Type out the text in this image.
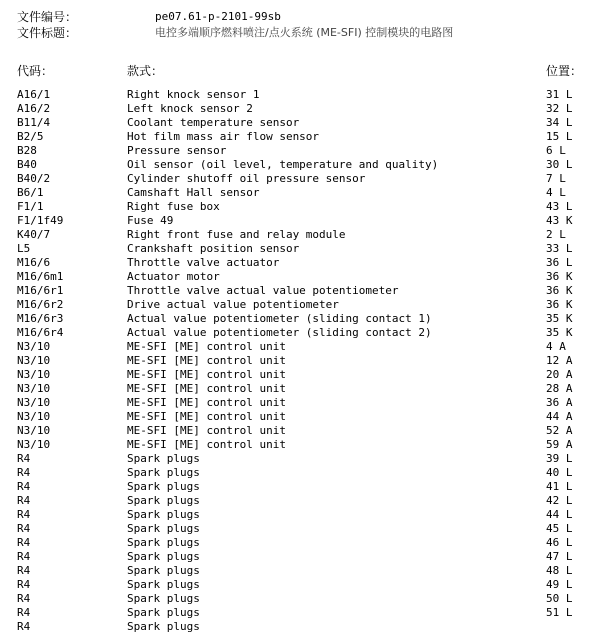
文件编号：	pe07.61-p-2101-99sb
文件标题：	电控多端顺序燃料喷注/点火系统 (ME-SFI) 控制模块的电路图
代码：	款式：	位置：
A16/1	Right knock sensor 1	31 L
A16/2	Left knock sensor 2	32 L
B11/4	Coolant temperature sensor	34 L
B2/5	Hot film mass air flow sensor	15 L
B28	Pressure sensor	6 L
B40	Oil sensor (oil level, temperature and quality)	30 L
B40/2	Cylinder shutoff oil pressure sensor	7 L
B6/1	Camshaft Hall sensor	4 L
F1/1	Right fuse box	43 L
F1/1f49	Fuse 49	43 K
K40/7	Right front fuse and relay module	2 L
L5	Crankshaft position sensor	33 L
M16/6	Throttle valve actuator	36 L
M16/6m1	Actuator motor	36 K
M16/6r1	Throttle valve actual value potentiometer	36 K
M16/6r2	Drive actual value potentiometer	36 K
M16/6r3	Actual value potentiometer (sliding contact 1)	35 K
M16/6r4	Actual value potentiometer (sliding contact 2)	35 K
N3/10	ME-SFI [ME] control unit	4 A
N3/10	ME-SFI [ME] control unit	12 A
N3/10	ME-SFI [ME] control unit	20 A
N3/10	ME-SFI [ME] control unit	28 A
N3/10	ME-SFI [ME] control unit	36 A
N3/10	ME-SFI [ME] control unit	44 A
N3/10	ME-SFI [ME] control unit	52 A
N3/10	ME-SFI [ME] control unit	59 A
R4	Spark plugs	39 L
R4	Spark plugs	40 L
R4	Spark plugs	41 L
R4	Spark plugs	42 L
R4	Spark plugs	44 L
R4	Spark plugs	45 L
R4	Spark plugs	46 L
R4	Spark plugs	47 L
R4	Spark plugs	48 L
R4	Spark plugs	49 L
R4	Spark plugs	50 L
R4	Spark plugs	51 L
R4	Spark plugs
